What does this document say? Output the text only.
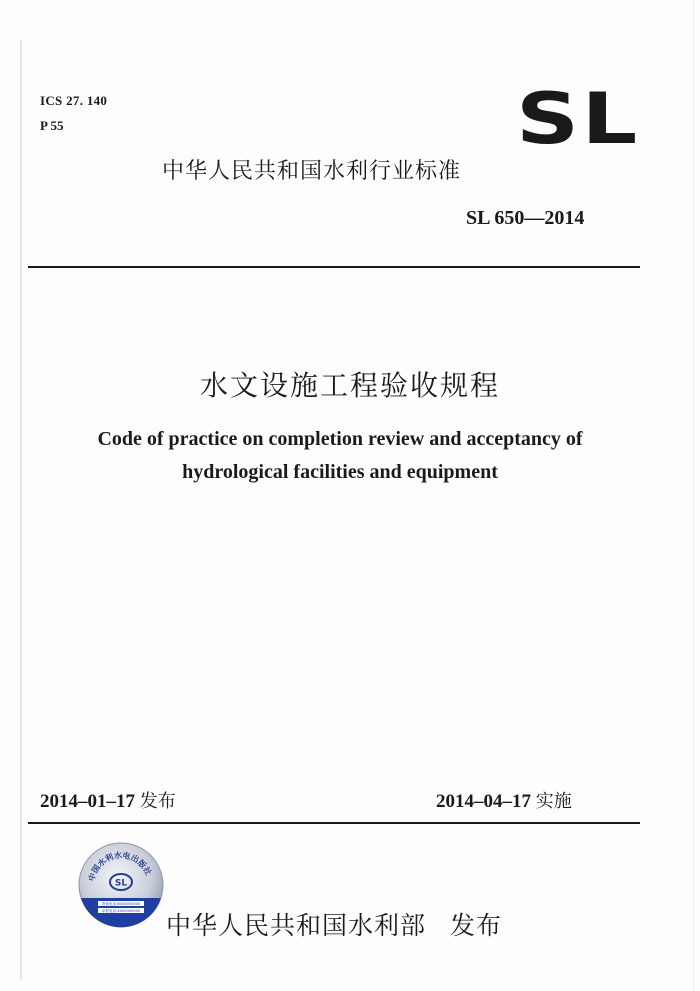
ICS 27. 140
P 55	SL
中华人民共和国水利行业标准
SL 650—2014
水文设施工程验收规程
Code of practice on completion review and acceptancy of
hydrological facilities and equipment
2014–01–17 发布	2014–04–17 实施
中国水利水电出版社
SL
查询电话:8000000000
举报电话:4000000000 中华人民共和国水利部 发布
